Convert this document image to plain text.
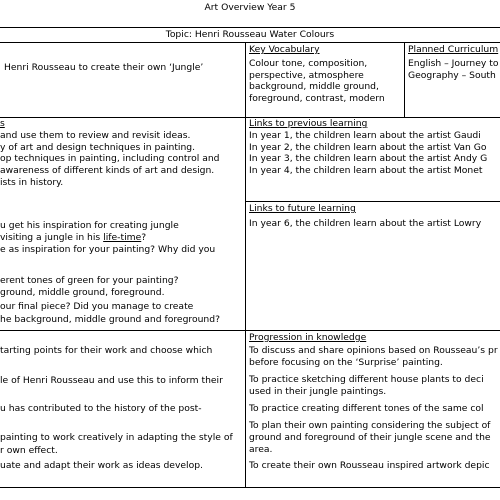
Art Overview Year 5
Topic: Henri Rousseau Water Colours
Henri Rousseau to create their own ‘Jungle’
Key Vocabulary
Colour tone, composition,
perspective, atmosphere
background, middle ground,
foreground, contrast, modern
Planned Curriculum
English – Journey to
Geography – South
s
and use them to review and revisit ideas.
y of art and design techniques in painting.
op techniques in painting, including control and
awareness of different kinds of art and design.
ists in history.
Links to previous learning
In year 1, the children learn about the artist Gaudi
In year 2, the children learn about the artist Van Go
In year 3, the children learn about the artist Andy G
In year 4, the children learn about the artist Monet
u get his inspiration for creating jungle
visiting a jungle in his life-time?
e as inspiration for your painting? Why did you
erent tones of green for your painting?
ground, middle ground, foreground.
our final piece? Did you manage to create
he background, middle ground and foreground?
Links to future learning
In year 6, the children learn about the artist Lowry
tarting points for their work and choose which
le of Henri Rousseau and use this to inform their
u has contributed to the history of the post-
painting to work creatively in adapting the style of
r own effect.
uate and adapt their work as ideas develop.
Progression in knowledge
To discuss and share opinions based on Rousseau’s pr
before focusing on the ‘Surprise’ painting.
To practice sketching different house plants to deci
used in their jungle paintings.
To practice creating different tones of the same col
To plan their own painting considering the subject of
ground and foreground of their jungle scene and the
area.
To create their own Rousseau inspired artwork depic
